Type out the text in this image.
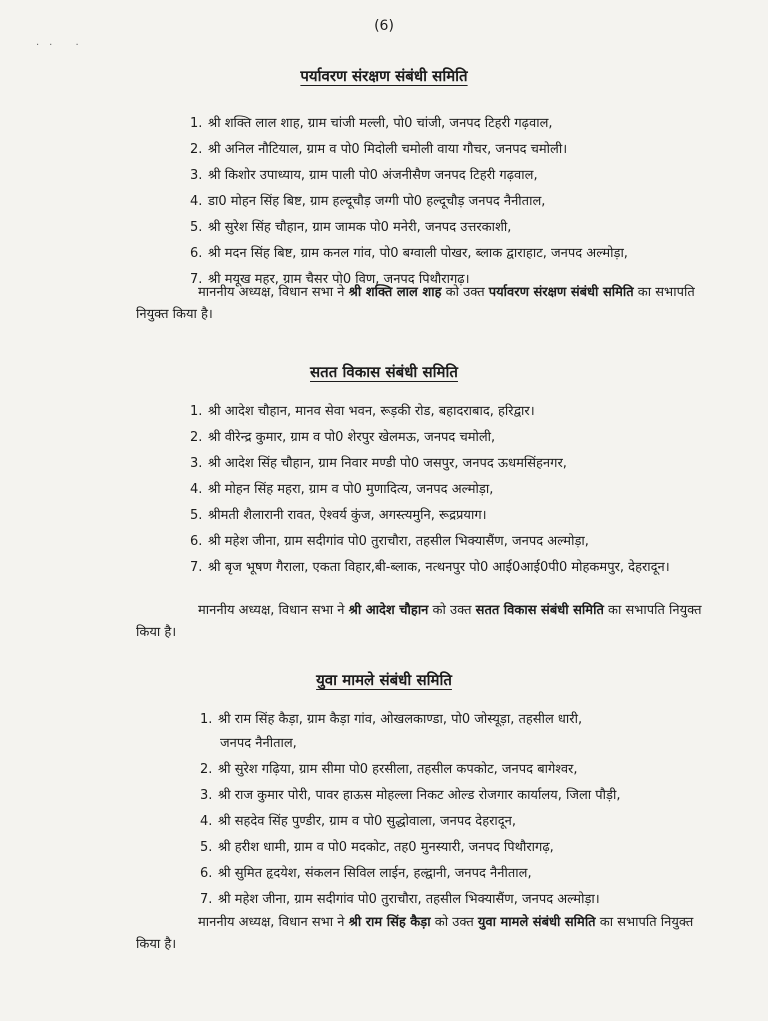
·· ·
(6)
पर्यावरण संरक्षण संबंधी समिति
1. श्री शक्ति लाल शाह, ग्राम चांजी मल्ली, पो0 चांजी, जनपद टिहरी गढ़वाल,
2. श्री अनिल नौटियाल, ग्राम व पो0 मिदोली चमोली वाया गौचर, जनपद चमोली।
3. श्री किशोर उपाध्याय, ग्राम पाली पो0 अंजनीसैण जनपद टिहरी गढ़वाल,
4. डा0 मोहन सिंह बिष्ट, ग्राम हल्दूचौड़ जग्गी पो0 हल्दूचौड़ जनपद नैनीताल,
5. श्री सुरेश सिंह चौहान, ग्राम जामक पो0 मनेरी, जनपद उत्तरकाशी,
6. श्री मदन सिंह बिष्ट, ग्राम कनल गांव, पो0 बग्वाली पोखर, ब्लाक द्वाराहाट, जनपद अल्मोड़ा,
7. श्री मयूख महर, ग्राम चैसर पो0 विण, जनपद पिथौरागढ़।

माननीय अध्यक्ष, विधान सभा ने श्री शक्ति लाल शाह को उक्त पर्यावरण संरक्षण संबंधी समिति का सभापति नियुक्त किया है।

सतत विकास संबंधी समिति
1. श्री आदेश चौहान, मानव सेवा भवन, रूड़की रोड, बहादराबाद, हरिद्वार।
2. श्री वीरेन्द्र कुमार, ग्राम व पो0 शेरपुर खेलमऊ, जनपद चमोली,
3. श्री आदेश सिंह चौहान, ग्राम निवार मण्डी पो0 जसपुर, जनपद ऊधमसिंहनगर,
4. श्री मोहन सिंह महरा, ग्राम व पो0 मुणादित्य, जनपद अल्मोड़ा,
5. श्रीमती शैलारानी रावत, ऐश्वर्य कुंज, अगस्त्यमुनि, रूद्रप्रयाग।
6. श्री महेश जीना, ग्राम सदीगांव पो0 तुराचौरा, तहसील भिक्यासैंण, जनपद अल्मोड़ा,
7. श्री बृज भूषण गैराला, एकता विहार,बी-ब्लाक, नत्थनपुर पो0 आई0आई0पी0 मोहकमपुर, देहरादून।

माननीय अध्यक्ष, विधान सभा ने श्री आदेश चौहान को उक्त सतत विकास संबंधी समिति का सभापति नियुक्त किया है।

युवा मामले संबंधी समिति
1. श्री राम सिंह कैड़ा, ग्राम कैड़ा गांव, ओखलकाण्डा, पो0 जोस्यूड़ा, तहसील धारी,
जनपद नैनीताल,
2. श्री सुरेश गढ़िया, ग्राम सीमा पो0 हरसीला, तहसील कपकोट, जनपद बागेश्वर,
3. श्री राज कुमार पोरी, पावर हाऊस मोहल्ला निकट ओल्ड रोजगार कार्यालय, जिला पौड़ी,
4. श्री सहदेव सिंह पुण्डीर, ग्राम व पो0 सुद्धोवाला, जनपद देहरादून,
5. श्री हरीश धामी, ग्राम व पो0 मदकोट, तह0 मुनस्यारी, जनपद पिथौरागढ़,
6. श्री सुमित हृदयेश, संकलन सिविल लाईन, हल्द्वानी, जनपद नैनीताल,
7. श्री महेश जीना, ग्राम सदीगांव पो0 तुराचौरा, तहसील भिक्यासैंण, जनपद अल्मोड़ा।

माननीय अध्यक्ष, विधान सभा ने श्री राम सिंह कैड़ा को उक्त युवा मामले संबंधी समिति का सभापति नियुक्त किया है।
